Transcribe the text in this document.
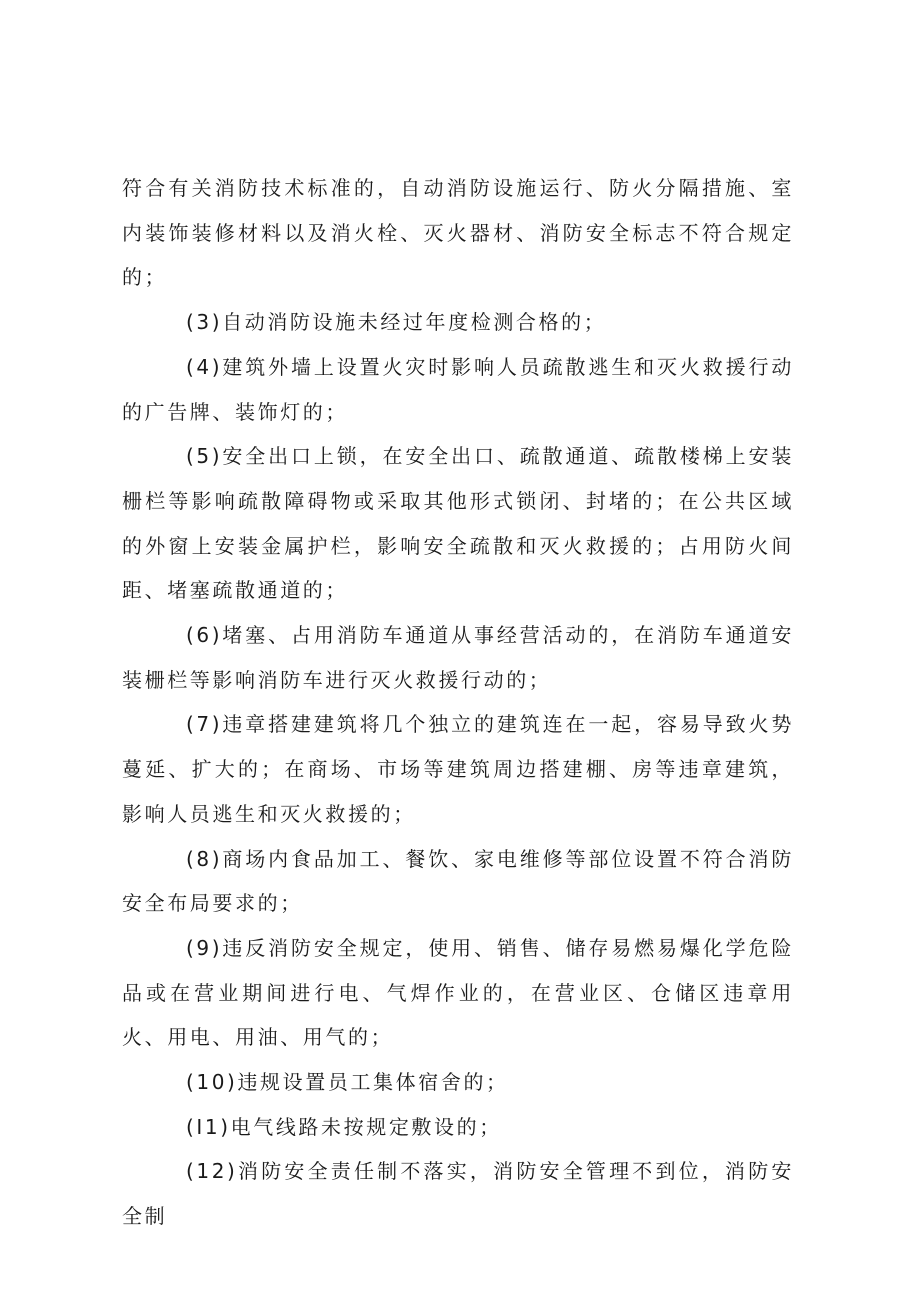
符合有关消防技术标准的，自动消防设施运行、防火分隔措施、室内装饰装修材料以及消火栓、灭火器材、消防安全标志不符合规定的；

(3)自动消防设施未经过年度检测合格的；

(4)建筑外墙上设置火灾时影响人员疏散逃生和灭火救援行动的广告牌、装饰灯的；

(5)安全出口上锁，在安全出口、疏散通道、疏散楼梯上安装栅栏等影响疏散障碍物或采取其他形式锁闭、封堵的；在公共区域的外窗上安装金属护栏，影响安全疏散和灭火救援的；占用防火间距、堵塞疏散通道的；

(6)堵塞、占用消防车通道从事经营活动的，在消防车通道安装栅栏等影响消防车进行灭火救援行动的；

(7)违章搭建建筑将几个独立的建筑连在一起，容易导致火势蔓延、扩大的；在商场、市场等建筑周边搭建棚、房等违章建筑，影响人员逃生和灭火救援的；

(8)商场内食品加工、餐饮、家电维修等部位设置不符合消防安全布局要求的；

(9)违反消防安全规定，使用、销售、储存易燃易爆化学危险品或在营业期间进行电、气焊作业的，在营业区、仓储区违章用火、用电、用油、用气的；

(10)违规设置员工集体宿舍的；

(I1)电气线路未按规定敷设的；

(12)消防安全责任制不落实，消防安全管理不到位，消防安全制
